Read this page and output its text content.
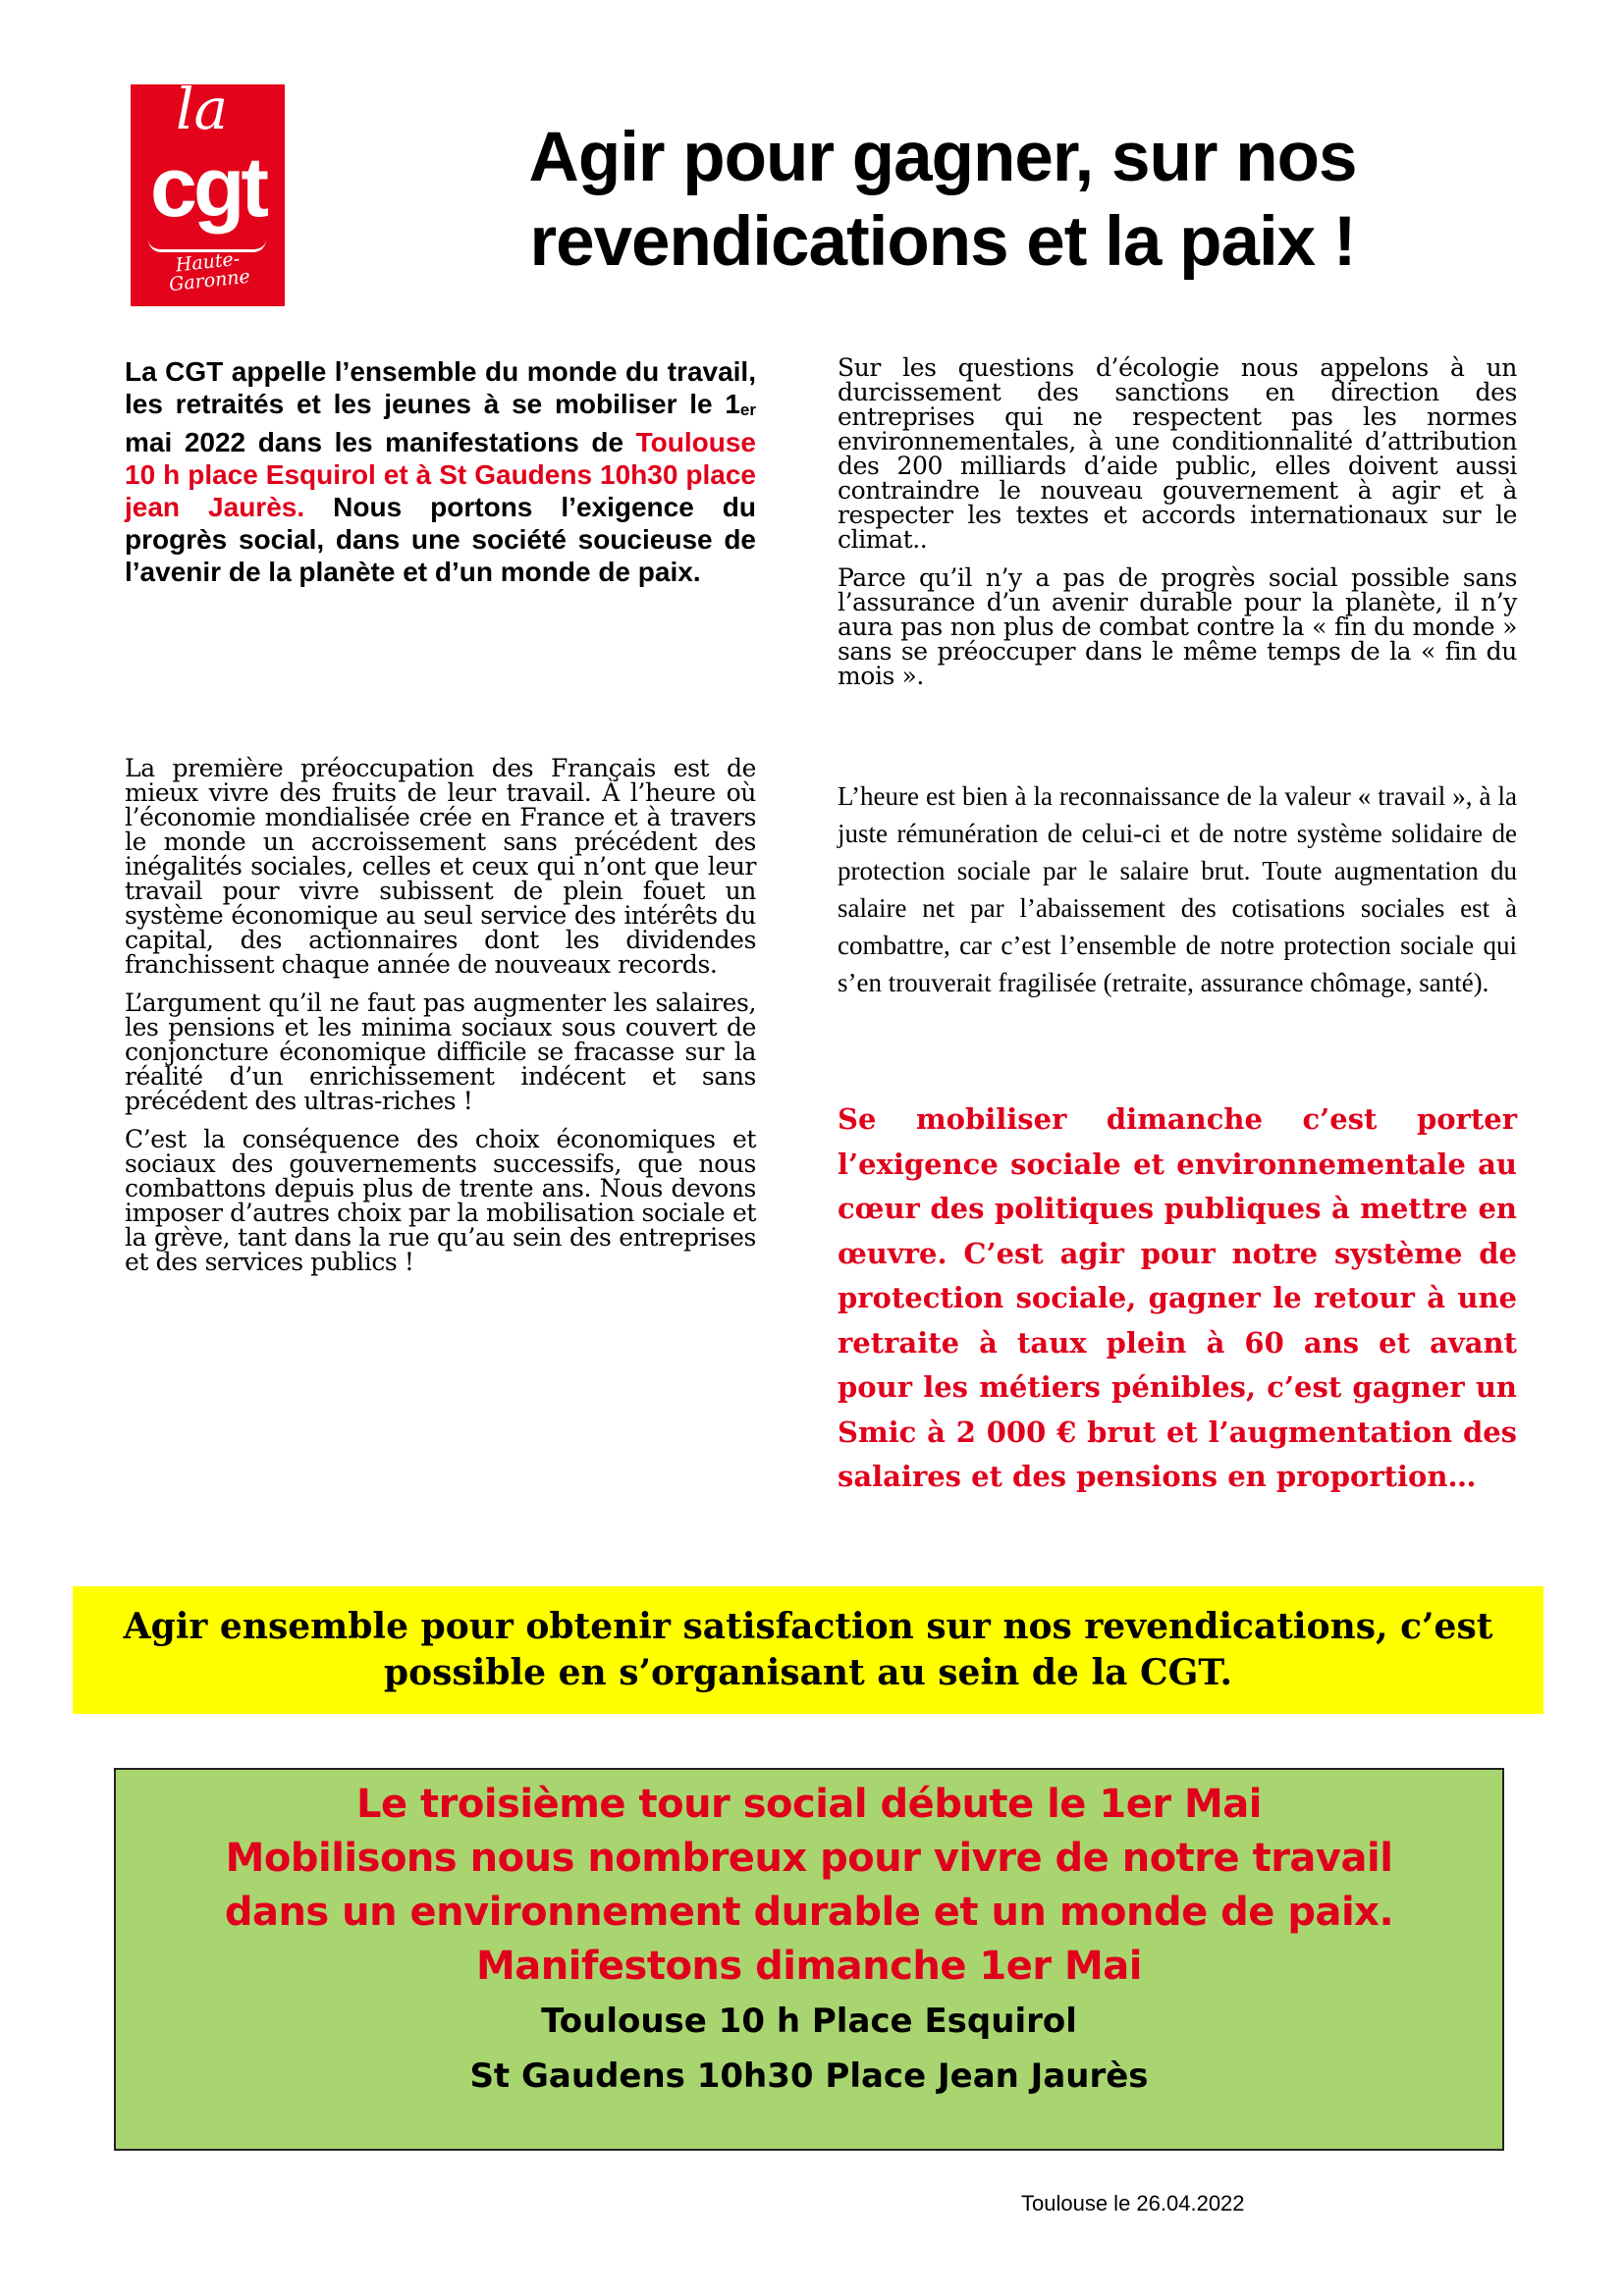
la
cgt
Haute-Garonne
Agir pour gagner, sur nos
revendications et la paix !

La CGT appelle l’ensemble du monde du travail, les retraités et les jeunes à se mobiliser le $1_{er}$ mai 2022 dans les manifestations de Toulouse 10 h place Esquirol et à St Gaudens 10h30 place jean Jaurès. Nous portons l’exigence du progrès social, dans une société soucieuse de l’avenir de la planète et d’un monde de paix.

La première préoccupation des Français est de mieux vivre des fruits de leur travail. À l’heure où l’économie mondialisée crée en France et à travers le monde un accroissement sans précédent des inégalités sociales, celles et ceux qui n’ont que leur travail pour vivre subissent de plein fouet un système économique au seul service des intérêts du capital, des actionnaires dont les dividendes franchissent chaque année de nouveaux records.

L’argument qu’il ne faut pas augmenter les salaires, les pensions et les minima sociaux sous couvert de conjoncture économique difficile se fracasse sur la réalité d’un enrichissement indécent et sans précédent des ultras-riches !

C’est la conséquence des choix économiques et sociaux des gouvernements successifs, que nous combattons depuis plus de trente ans. Nous devons imposer d’autres choix par la mobilisation sociale et la grève, tant dans la rue qu’au sein des entreprises et des services publics !

Sur les questions d’écologie nous appelons à un durcissement des sanctions en direction des entreprises qui ne respectent pas les normes environnementales, à une conditionnalité d’attribution des 200 milliards d’aide public, elles doivent aussi contraindre le nouveau gouvernement à agir et à respecter les textes et accords internationaux sur le climat..

Parce qu’il n’y a pas de progrès social possible sans l’assurance d’un avenir durable pour la planète, il n’y aura pas non plus de combat contre la « fin du monde » sans se préoccuper dans le même temps de la « fin du mois ».

L’heure est bien à la reconnaissance de la valeur « travail », à la juste rémunération de celui-ci et de notre système solidaire de protection sociale par le salaire brut. Toute augmentation du salaire net par l’abaissement des cotisations sociales est à combattre, car c’est l’ensemble de notre protection sociale qui s’en trouverait fragilisée (retraite, assurance chômage, santé).

Se mobiliser dimanche c’est porter l’exigence sociale et environnementale au cœur des politiques publiques à mettre en œuvre. C’est agir pour notre système de protection sociale, gagner le retour à une retraite à taux plein à 60 ans et avant pour les métiers pénibles, c’est gagner un Smic à 2 000 € brut et l’augmentation des salaires et des pensions en proportion…

Agir ensemble pour obtenir satisfaction sur nos revendications, c’est possible en s’organisant au sein de la CGT.

Le troisième tour social débute le 1er Mai
Mobilisons nous nombreux pour vivre de notre travail
dans un environnement durable et un monde de paix.
Manifestons dimanche 1er Mai
Toulouse 10 h Place Esquirol
St Gaudens 10h30 Place Jean Jaurès
Toulouse le 26.04.2022
